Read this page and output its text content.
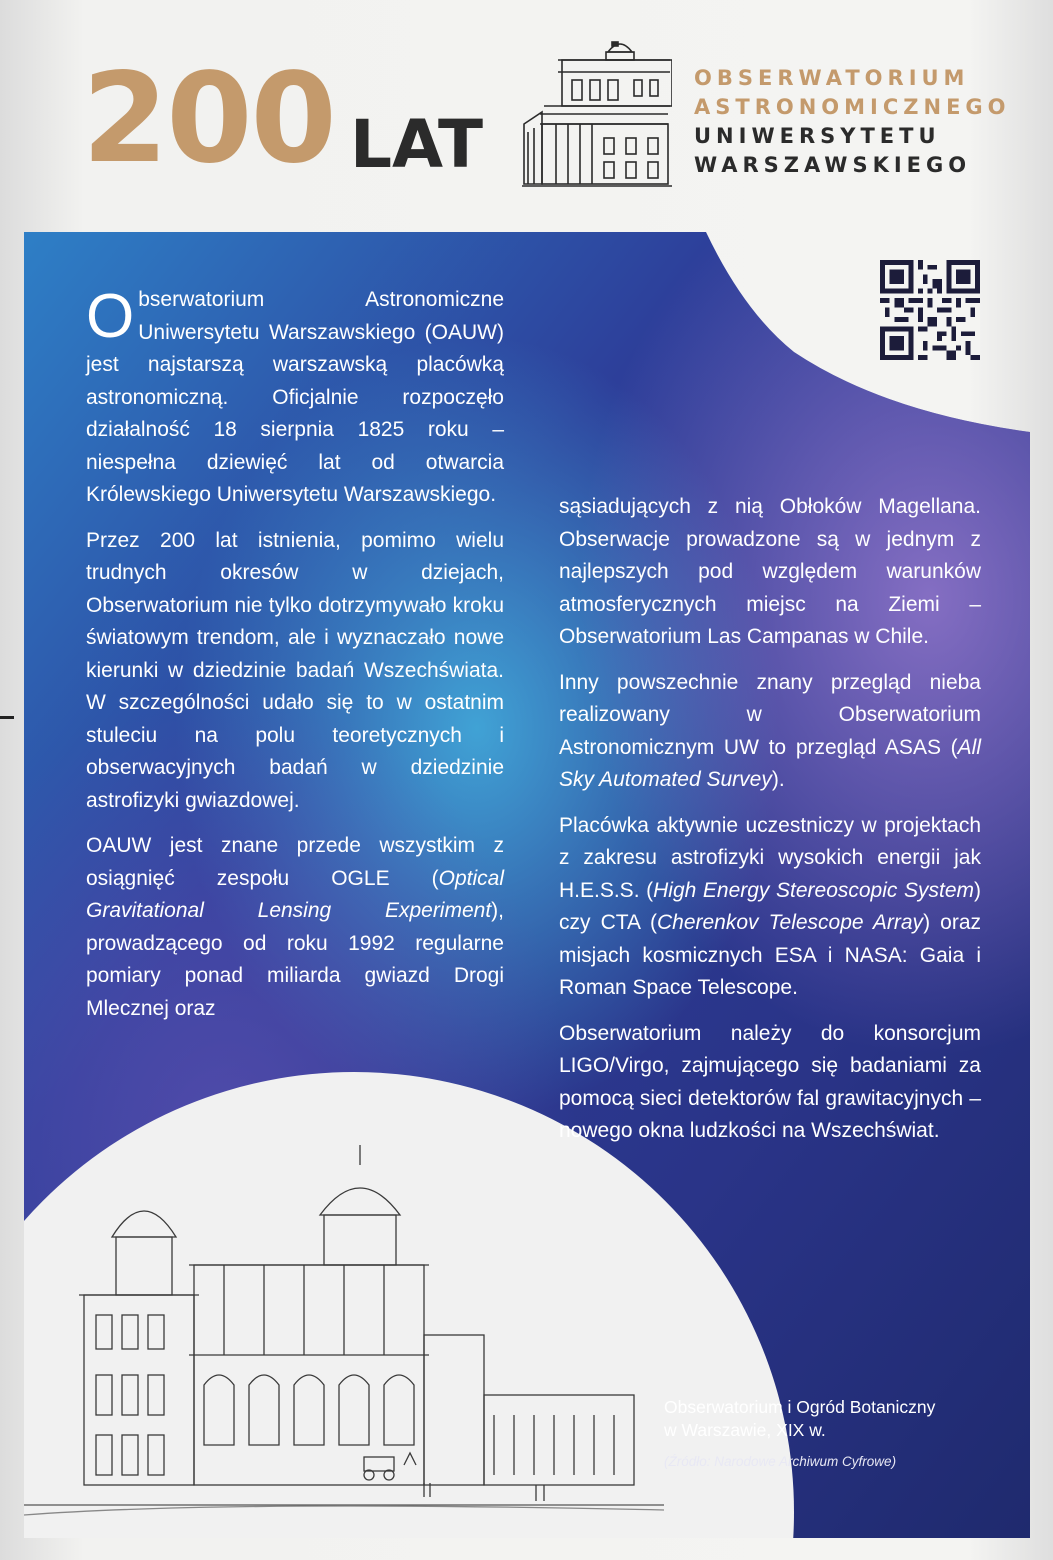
200 LAT
OBSERWATORIUM
ASTRONOMICZNEGO
UNIWERSYTETU
WARSZAWSKIEGO

Obserwatorium Astronomiczne Uniwersytetu Warszawskiego (OAUW) jest najstarszą warszawską placówką astronomiczną. Oficjalnie rozpoczęło działalność 18 sierpnia 1825 roku – niespełna dziewięć lat od otwarcia Królewskiego Uniwersytetu Warszawskiego.

Przez 200 lat istnienia, pomimo wielu trudnych okresów w dziejach, Obserwatorium nie tylko dotrzymywało kroku światowym trendom, ale i wyznaczało nowe kierunki w dziedzinie badań Wszechświata. W szczególności udało się to w ostatnim stuleciu na polu teoretycznych i obserwacyjnych badań w dziedzinie astrofizyki gwiazdowej.

OAUW jest znane przede wszystkim z osiągnięć zespołu OGLE (Optical Gravitational Lensing Experiment), prowadzącego od roku 1992 regularne pomiary ponad miliarda gwiazd Drogi Mlecznej oraz

sąsiadujących z nią Obłoków Magellana. Obserwacje prowadzone są w jednym z najlepszych pod względem warunków atmosferycznych miejsc na Ziemi – Obserwatorium Las Campanas w Chile.

Inny powszechnie znany przegląd nieba realizowany w Obserwatorium Astronomicznym UW to przegląd ASAS (All Sky Automated Survey).

Placówka aktywnie uczestniczy w projektach z zakresu astrofizyki wysokich energii jak H.E.S.S. (High Energy Stereoscopic System) czy CTA (Cherenkov Telescope Array) oraz misjach kosmicznych ESA i NASA: Gaia i Roman Space Telescope.

Obserwatorium należy do konsorcjum LIGO/Virgo, zajmującego się badaniami za pomocą sieci detektorów fal grawitacyjnych – nowego okna ludzkości na Wszechświat.

Obserwatorium i Ogród Botaniczny
w Warszawie, XIX w.
(Źródło: Narodowe Archiwum Cyfrowe)
